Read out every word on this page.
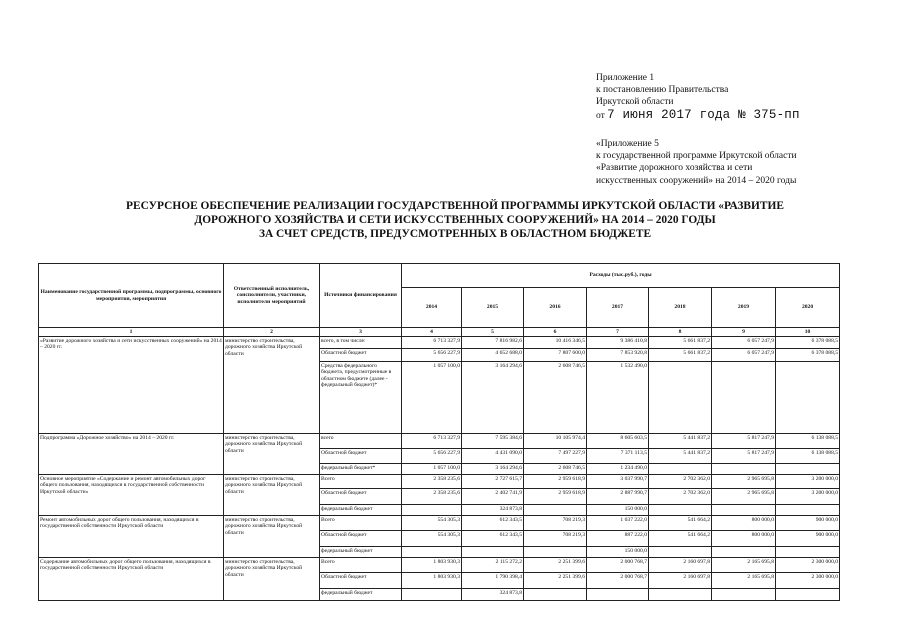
Приложение 1
к постановлению Правительства
Иркутской области
от 7 июня 2017 года № 375-пп
«Приложение 5
к государственной программе Иркутской области
«Развитие дорожного хозяйства и сети
искусственных сооружений» на 2014 – 2020 годы
РЕСУРСНОЕ ОБЕСПЕЧЕНИЕ РЕАЛИЗАЦИИ ГОСУДАРСТВЕННОЙ ПРОГРАММЫ ИРКУТСКОЙ ОБЛАСТИ «РАЗВИТИЕ
ДОРОЖНОГО ХОЗЯЙСТВА И СЕТИ ИСКУССТВЕННЫХ СООРУЖЕНИЙ» НА 2014 – 2020 ГОДЫ
ЗА СЧЕТ СРЕДСТВ, ПРЕДУСМОТРЕННЫХ В ОБЛАСТНОМ БЮДЖЕТЕ
Наименование государственной программы, подпрограммы, основного мероприятия, мероприятия	Ответственный исполнитель, соисполнители, участники, исполнители мероприятий	Источники финансирования	Расходы (тыс.руб.), годы						
			2014	2015	2016	2017	2018	2019	2020
1	2	3	4	5	6	7	8	9	10
«Развитие дорожного хозяйства и сети искусственных сооружений» на 2014 – 2020 гг.	министерство строительства, дорожного хозяйства Иркутской области	всего, в том числе:	6 713 327,9	7 816 982,6	10 416 346,5	9 386 410,8	5 661 837,2	6 057 247,9	6 378 088,5
		Областной бюджет	5 656 227,9	4 652 688,0	7 807 600,0	7 853 920,8	5 661 837,2	6 057 247,9	6 378 088,5
		Средства федерального бюджета, предусмотренные в областном бюджете (далее - федеральный бюджет)*	1 057 100,0	3 164 294,6	2 608 746,5	1 532 490,0			
Подпрограмма «Дорожное хозяйство» на 2014 – 2020 гг.	министерство строительства, дорожного хозяйства Иркутской области	всего	6 713 327,9	7 595 384,6	10 105 974,4	8 605 603,5	5 441 837,2	5 817 247,9	6 138 088,5
		Областной бюджет	5 656 227,9	4 431 090,0	7 497 227,9	7 371 113,5	5 441 837,2	5 817 247,9	6 138 088,5
		федеральный бюджет*	1 057 100,0	3 164 294,6	2 608 746,5	1 234 490,0			
Основное мероприятие «Содержание и ремонт автомобильных дорог общего пользования, находящихся в государственной собственности Иркутской области»	министерство строительства, дорожного хозяйства Иркутской области	Всего	2 358 235,6	2 727 615,7	2 959 618,9	3 037 990,7	2 702 362,0	2 965 695,8	3 200 000,0
		Областной бюджет	2 358 235,6	2 402 741,9	2 959 618,9	2 887 990,7	2 702 362,0	2 965 695,8	3 200 000,0
		федеральный бюджет		324 873,8		150 000,0			
Ремонт автомобильных дорог общего пользования, находящихся в государственной собственности Иркутской области	министерство строительства, дорожного хозяйства Иркутской области	Всего	554 305,3	612 343,5	708 219,3	1 037 222,0	541 664,2	800 000,0	900 000,0
		Областной бюджет	554 305,3	612 343,5	708 219,3	887 222,0	541 664,2	800 000,0	900 000,0
		федеральный бюджет				150 000,0			
Содержание автомобильных дорог общего пользования, находящихся в государственной собственности Иркутской области	министерство строительства, дорожного хозяйства Иркутской области	Всего	1 803 930,3	2 115 272,2	2 251 399,6	2 000 768,7	2 160 697,8	2 165 695,8	2 300 000,0
		Областной бюджет	1 803 930,3	1 790 398,4	2 251 399,6	2 000 768,7	2 160 697,8	2 165 695,8	2 300 000,0
		федеральный бюджет		324 873,8					
